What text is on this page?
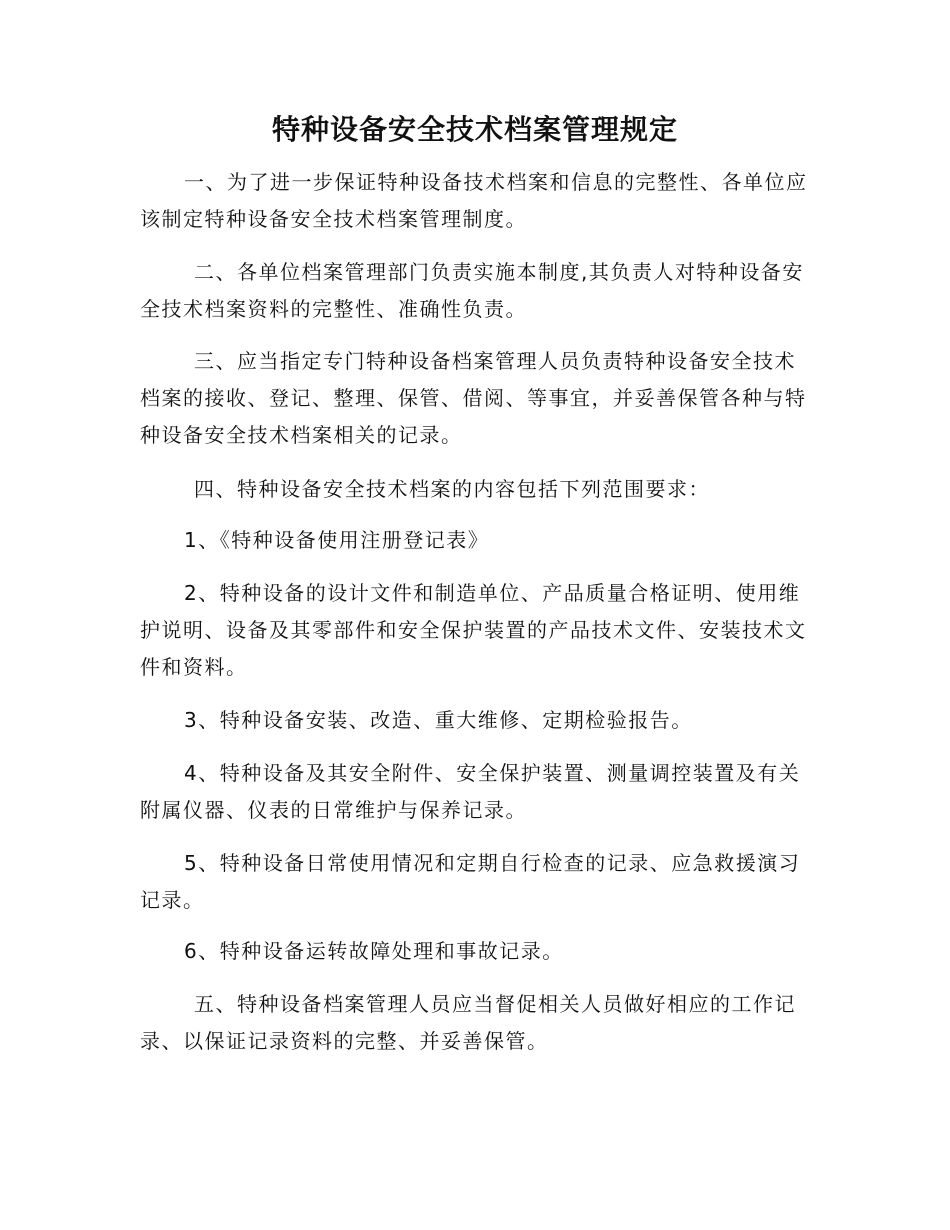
特种设备安全技术档案管理规定

一、为了进一步保证特种设备技术档案和信息的完整性、各单位应该制定特种设备安全技术档案管理制度。

二、各单位档案管理部门负责实施本制度,其负责人对特种设备安全技术档案资料的完整性、准确性负责。

三、应当指定专门特种设备档案管理人员负责特种设备安全技术档案的接收、登记、整理、保管、借阅、等事宜，并妥善保管各种与特种设备安全技术档案相关的记录。

四、特种设备安全技术档案的内容包括下列范围要求：

1、《特种设备使用注册登记表》

2、特种设备的设计文件和制造单位、产品质量合格证明、使用维护说明、设备及其零部件和安全保护装置的产品技术文件、安装技术文件和资料。

3、特种设备安装、改造、重大维修、定期检验报告。

4、特种设备及其安全附件、安全保护装置、测量调控装置及有关附属仪器、仪表的日常维护与保养记录。

5、特种设备日常使用情况和定期自行检查的记录、应急救援演习记录。

6、特种设备运转故障处理和事故记录。

五、特种设备档案管理人员应当督促相关人员做好相应的工作记录、以保证记录资料的完整、并妥善保管。
